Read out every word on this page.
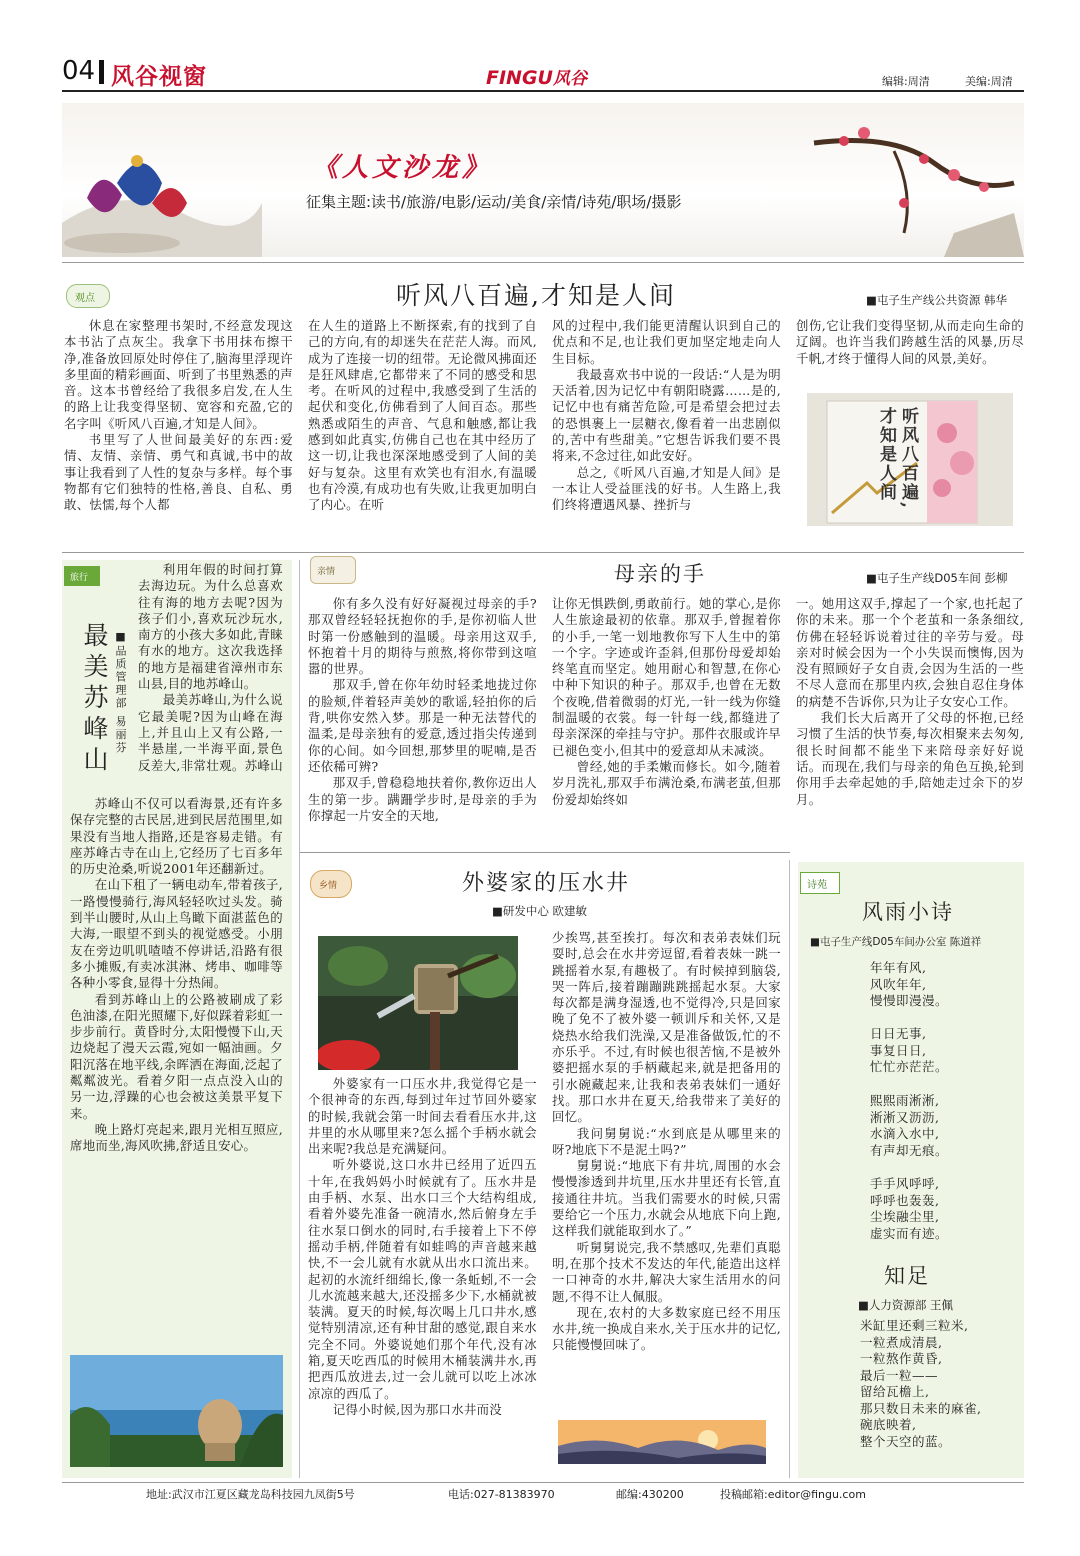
04 风谷视窗	FINGU风谷	编辑:周清	美编:周清
《人文沙龙》
征集主题:读书/旅游/电影/运动/美食/亲情/诗苑/职场/摄影
观点	听风八百遍,才知是人间	■屯子生产线公共资源 韩华

休息在家整理书架时,不经意发现这本书沾了点灰尘。我拿下书用抹布擦干净,准备放回原处时停住了,脑海里浮现许多里面的精彩画面、听到了书里熟悉的声音。这本书曾经给了我很多启发,在人生的路上让我变得坚韧、宽容和充盈,它的名字叫《听风八百遍,才知是人间》。

书里写了人世间最美好的东西:爱情、友情、亲情、勇气和真诚,书中的故事让我看到了人性的复杂与多样。每个事物都有它们独特的性格,善良、自私、勇敢、怯懦,每个人都

在人生的道路上不断探索,有的找到了自己的方向,有的却迷失在茫茫人海。而风,成为了连接一切的纽带。无论微风拂面还是狂风肆虐,它都带来了不同的感受和思考。在听风的过程中,我感受到了生活的起伏和变化,仿佛看到了人间百态。那些熟悉或陌生的声音、气息和触感,都让我感到如此真实,仿佛自己也在其中经历了这一切,让我也深深地感受到了人间的美好与复杂。这里有欢笑也有泪水,有温暖也有冷漠,有成功也有失败,让我更加明白了内心。在听

风的过程中,我们能更清醒认识到自己的优点和不足,也让我们更加坚定地走向人生目标。

我最喜欢书中说的一段话:“人是为明天活着,因为记忆中有朝阳晓露……是的,记忆中也有痛苦危险,可是希望会把过去的恐惧裹上一层糖衣,像看着一出悲剧似的,苦中有些甜美。”它想告诉我们要不畏将来,不念过往,如此安好。

总之,《听风八百遍,才知是人间》是一本让人受益匪浅的好书。人生路上,我们终将遭遇风暴、挫折与

创伤,它让我们变得坚韧,从而走向生命的辽阔。也许当我们跨越生活的风暴,历尽千帆,才终于懂得人间的风景,美好。

听风八百遍,才知是人间
旅行
最美苏峰山 ■品质管理部 易丽芬

利用年假的时间打算去海边玩。为什么总喜欢往有海的地方去呢?因为孩子们小,喜欢玩沙玩水,南方的小孩大多如此,青睐有水的地方。这次我选择的地方是福建省漳州市东山县,目的地苏峰山。

最美苏峰山,为什么说它最美呢?因为山峰在海上,并且山上又有公路,一半悬崖,一半海平面,景色反差大,非常壮观。苏峰山

苏峰山不仅可以看海景,还有许多保存完整的古民居,进到民居范围里,如果没有当地人指路,还是容易走错。有座苏峰古寺在山上,它经历了七百多年的历史沧桑,听说2001年还翻新过。

在山下租了一辆电动车,带着孩子,一路慢慢骑行,海风轻轻吹过头发。骑到半山腰时,从山上鸟瞰下面湛蓝色的大海,一眼望不到头的视觉感受。小朋友在旁边叽叽喳喳不停讲话,沿路有很多小摊贩,有卖冰淇淋、烤串、咖啡等各种小零食,显得十分热闹。

看到苏峰山上的公路被刷成了彩色油漆,在阳光照耀下,好似踩着彩虹一步步前行。黄昏时分,太阳慢慢下山,天边烧起了漫天云霞,宛如一幅油画。夕阳沉落在地平线,余晖洒在海面,泛起了粼粼波光。看着夕阳一点点没入山的另一边,浮躁的心也会被这美景平复下来。

晚上路灯亮起来,跟月光相互照应,席地而坐,海风吹拂,舒适且安心。

亲情	母亲的手	■屯子生产线D05车间 彭柳

你有多久没有好好凝视过母亲的手?那双曾经轻轻抚抱你的手,是你初临人世时第一份感触到的温暖。母亲用这双手,怀抱着十月的期待与煎熬,将你带到这喧嚣的世界。

那双手,曾在你年幼时轻柔地拢过你的脸颊,伴着轻声美妙的歌谣,轻拍你的后背,哄你安然入梦。那是一种无法替代的温柔,是母亲独有的爱意,透过指尖传递到你的心间。如今回想,那梦里的呢喃,是否还依稀可辨?

那双手,曾稳稳地扶着你,教你迈出人生的第一步。蹒跚学步时,是母亲的手为你撑起一片安全的天地,

让你无惧跌倒,勇敢前行。她的掌心,是你人生旅途最初的依靠。那双手,曾握着你的小手,一笔一划地教你写下人生中的第一个字。字迹或许歪斜,但那份母爱却始终笔直而坚定。她用耐心和智慧,在你心中种下知识的种子。那双手,也曾在无数个夜晚,借着微弱的灯光,一针一线为你缝制温暖的衣裳。每一针每一线,都缝进了母亲深深的牵挂与守护。那件衣服或许早已褪色变小,但其中的爱意却从未减淡。

曾经,她的手柔嫩而修长。如今,随着岁月洗礼,那双手布满沧桑,布满老茧,但那份爱却始终如

一。她用这双手,撑起了一个家,也托起了你的未来。那一个个老茧和一条条细纹,仿佛在轻轻诉说着过往的辛劳与爱。母亲对时候会因为一个小失误而懊悔,因为没有照顾好子女自责,会因为生活的一些不尽人意而在那里内疚,会独自忍住身体的病楚不告诉你,只为让子女安心工作。

我们长大后离开了父母的怀抱,已经习惯了生活的快节奏,每次相聚来去匆匆,很长时间都不能坐下来陪母亲好好说话。而现在,我们与母亲的角色互换,轮到你用手去牵起她的手,陪她走过余下的岁月。

乡情	外婆家的压水井
■研发中心 欧建敏

外婆家有一口压水井,我觉得它是一个很神奇的东西,每到过年过节回外婆家的时候,我就会第一时间去看看压水井,这井里的水从哪里来?怎么摇个手柄水就会出来呢?我总是充满疑问。

听外婆说,这口水井已经用了近四五十年,在我妈妈小时候就有了。压水井是由手柄、水泵、出水口三个大结构组成,看着外婆先准备一碗清水,然后俯身左手往水泵口倒水的同时,右手接着上下不停摇动手柄,伴随着有如蛙鸣的声音越来越快,不一会儿就有水就从出水口流出来。起初的水流纤细绵长,像一条蚯蚓,不一会儿水流越来越大,还没摇多少下,水桶就被装满。夏天的时候,每次喝上几口井水,感觉特别清凉,还有种甘甜的感觉,跟自来水完全不同。外婆说她们那个年代,没有冰箱,夏天吃西瓜的时候用木桶装满井水,再把西瓜放进去,过一会儿就可以吃上冰冰凉凉的西瓜了。

记得小时候,因为那口水井而没

少挨骂,甚至挨打。每次和表弟表妹们玩耍时,总会在水井旁逗留,看着表妹一跳一跳摇着水泵,有趣极了。有时候掉到脑袋,哭一阵后,接着蹦蹦跳跳摇起水泵。大家每次都是满身湿透,也不觉得冷,只是回家晚了免不了被外婆一顿训斥和关怀,又是烧热水给我们洗澡,又是准备做饭,忙的不亦乐乎。不过,有时候也很苦恼,不是被外婆把摇水泵的手柄藏起来,就是把备用的引水碗藏起来,让我和表弟表妹们一通好找。那口水井在夏天,给我带来了美好的回忆。

我问舅舅说:“水到底是从哪里来的呀?地底下不是泥土吗?”

舅舅说:“地底下有井坑,周围的水会慢慢渗透到井坑里,压水井里还有长管,直接通往井坑。当我们需要水的时候,只需要给它一个压力,水就会从地底下向上跑,这样我们就能取到水了。”

听舅舅说完,我不禁感叹,先辈们真聪明,在那个技术不发达的年代,能造出这样一口神奇的水井,解决大家生活用水的问题,不得不让人佩服。

现在,农村的大多数家庭已经不用压水井,统一换成自来水,关于压水井的记忆,只能慢慢回味了。

诗苑
风雨小诗
■屯子生产线D05车间办公室 陈道祥
年年有风,
风吹年年,
慢慢即漫漫。
日日无事,
事复日日,
忙忙亦茫茫。
熙熙雨淅淅,
淅淅又沥沥,
水滴入水中,
有声却无痕。
手手风呼呼,
呼呼也轰轰,
尘埃融尘里,
虚实而有迹。
知足
■人力资源部 王佩
米缸里还剩三粒米,
一粒煮成清晨,
一粒熬作黄昏,
最后一粒——
留给瓦檐上,
那只数日未来的麻雀,
碗底映着,
整个天空的蓝。
地址:武汉市江夏区藏龙岛科技园九凤街5号	电话:027-81383970	邮编:430200	投稿邮箱:editor@fingu.com
